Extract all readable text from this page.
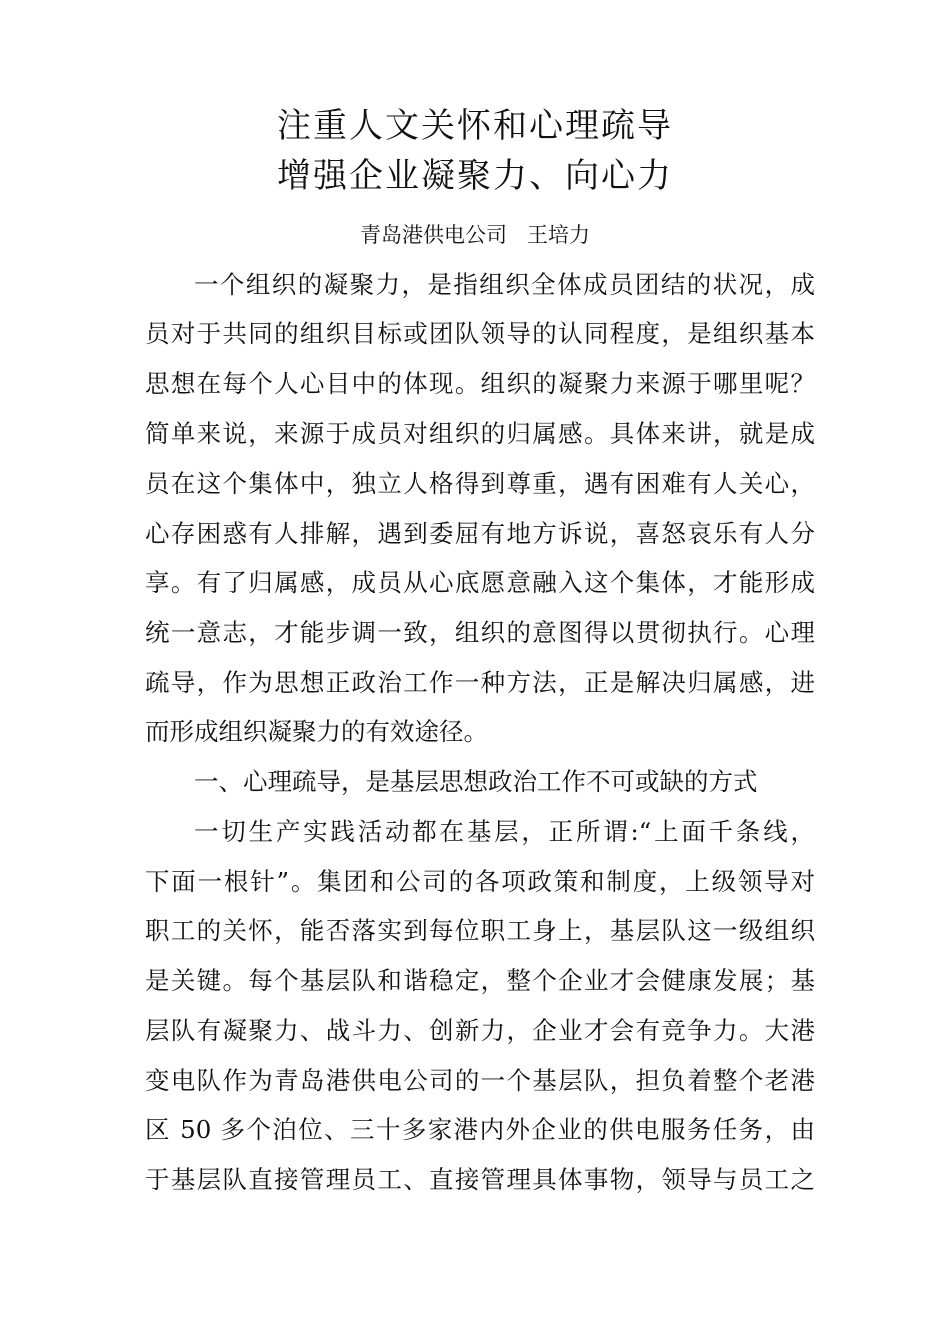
注重人文关怀和心理疏导
增强企业凝聚力、向心力
青岛港供电公司   王培力
一个组织的凝聚力，是指组织全体成员团结的状况，成
员对于共同的组织目标或团队领导的认同程度，是组织基本
思想在每个人心目中的体现。组织的凝聚力来源于哪里呢？
简单来说，来源于成员对组织的归属感。具体来讲，就是成
员在这个集体中，独立人格得到尊重，遇有困难有人关心，
心存困惑有人排解，遇到委屈有地方诉说，喜怒哀乐有人分
享。有了归属感，成员从心底愿意融入这个集体，才能形成
统一意志，才能步调一致，组织的意图得以贯彻执行。心理
疏导，作为思想正政治工作一种方法，正是解决归属感，进
而形成组织凝聚力的有效途径。
一、心理疏导，是基层思想政治工作不可或缺的方式
一切生产实践活动都在基层，正所谓:“上面千条线，
下面一根针”。集团和公司的各项政策和制度，上级领导对
职工的关怀，能否落实到每位职工身上，基层队这一级组织
是关键。每个基层队和谐稳定，整个企业才会健康发展；基
层队有凝聚力、战斗力、创新力，企业才会有竞争力。大港
变电队作为青岛港供电公司的一个基层队，担负着整个老港
区 50 多个泊位、三十多家港内外企业的供电服务任务，由
于基层队直接管理员工、直接管理具体事物，领导与员工之
